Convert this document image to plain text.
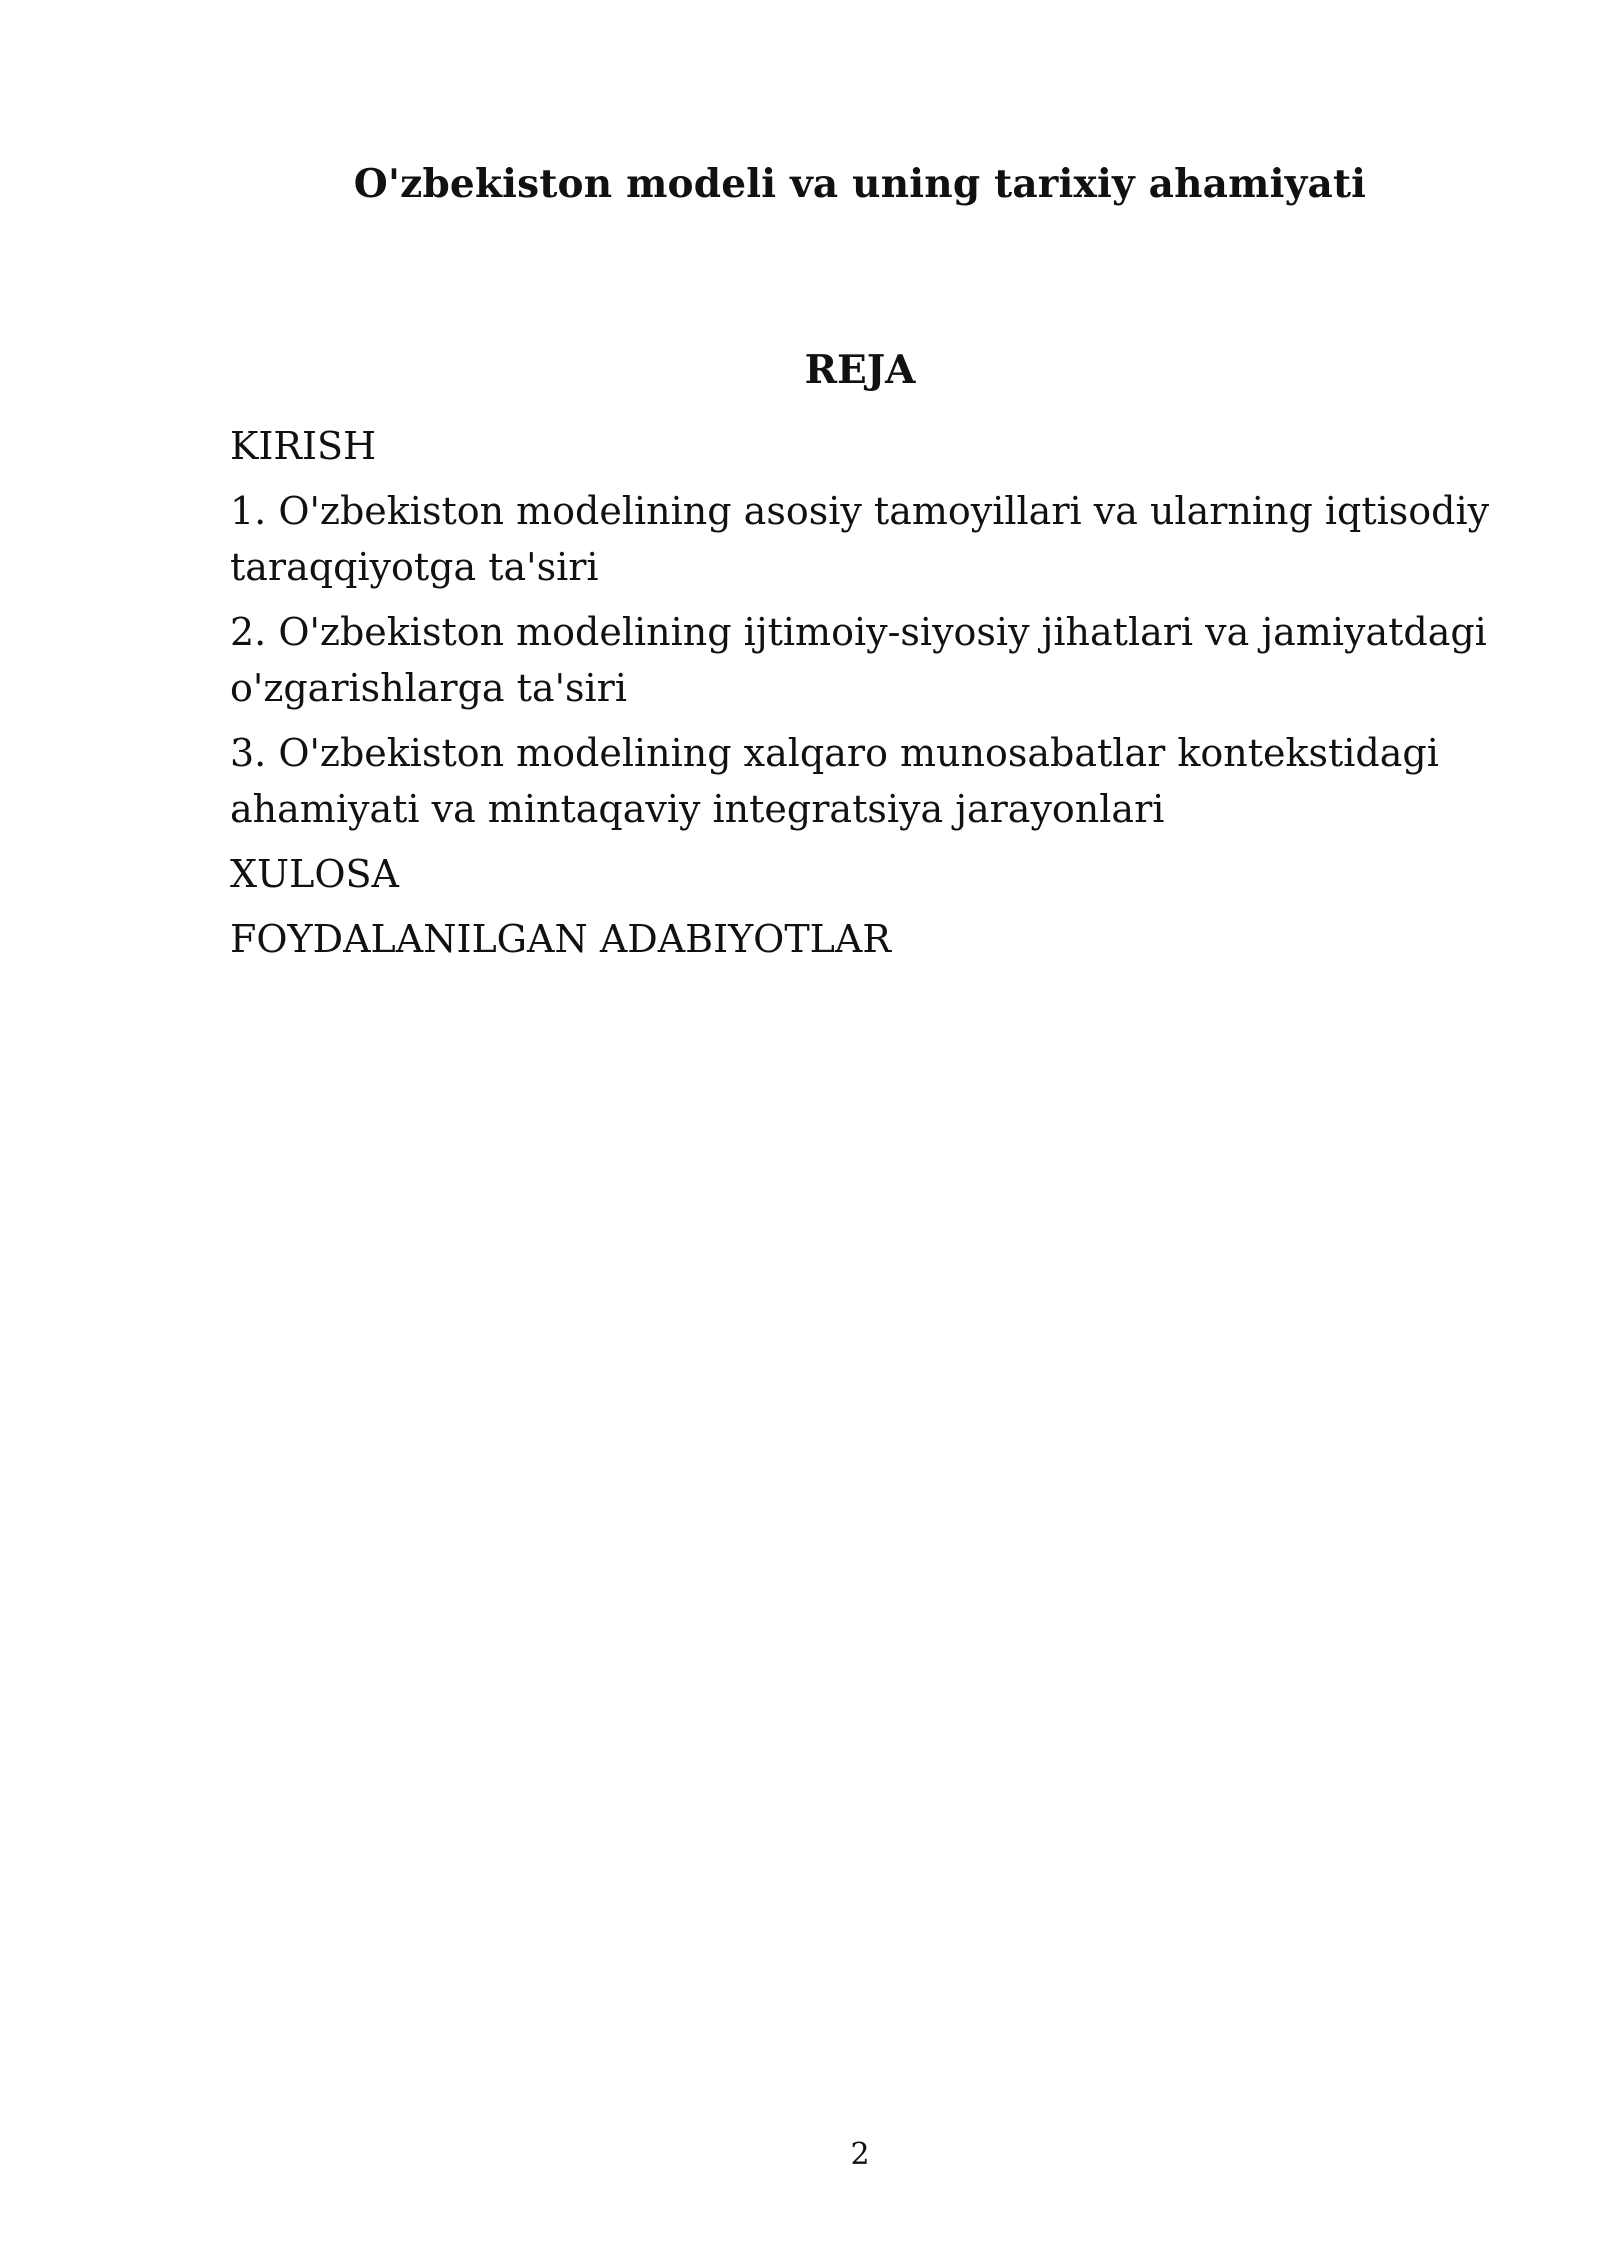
O'zbekiston modeli va uning tarixiy ahamiyati
REJA
KIRISH
1. O'zbekiston modelining asosiy tamoyillari va ularning iqtisodiy taraqqiyotga ta'siri
2. O'zbekiston modelining ijtimoiy-siyosiy jihatlari va jamiyatdagi o'zgarishlarga ta'siri
3. O'zbekiston modelining xalqaro munosabatlar kontekstidagi ahamiyati va mintaqaviy integratsiya jarayonlari
XULOSA
FOYDALANILGAN ADABIYOTLAR
2
